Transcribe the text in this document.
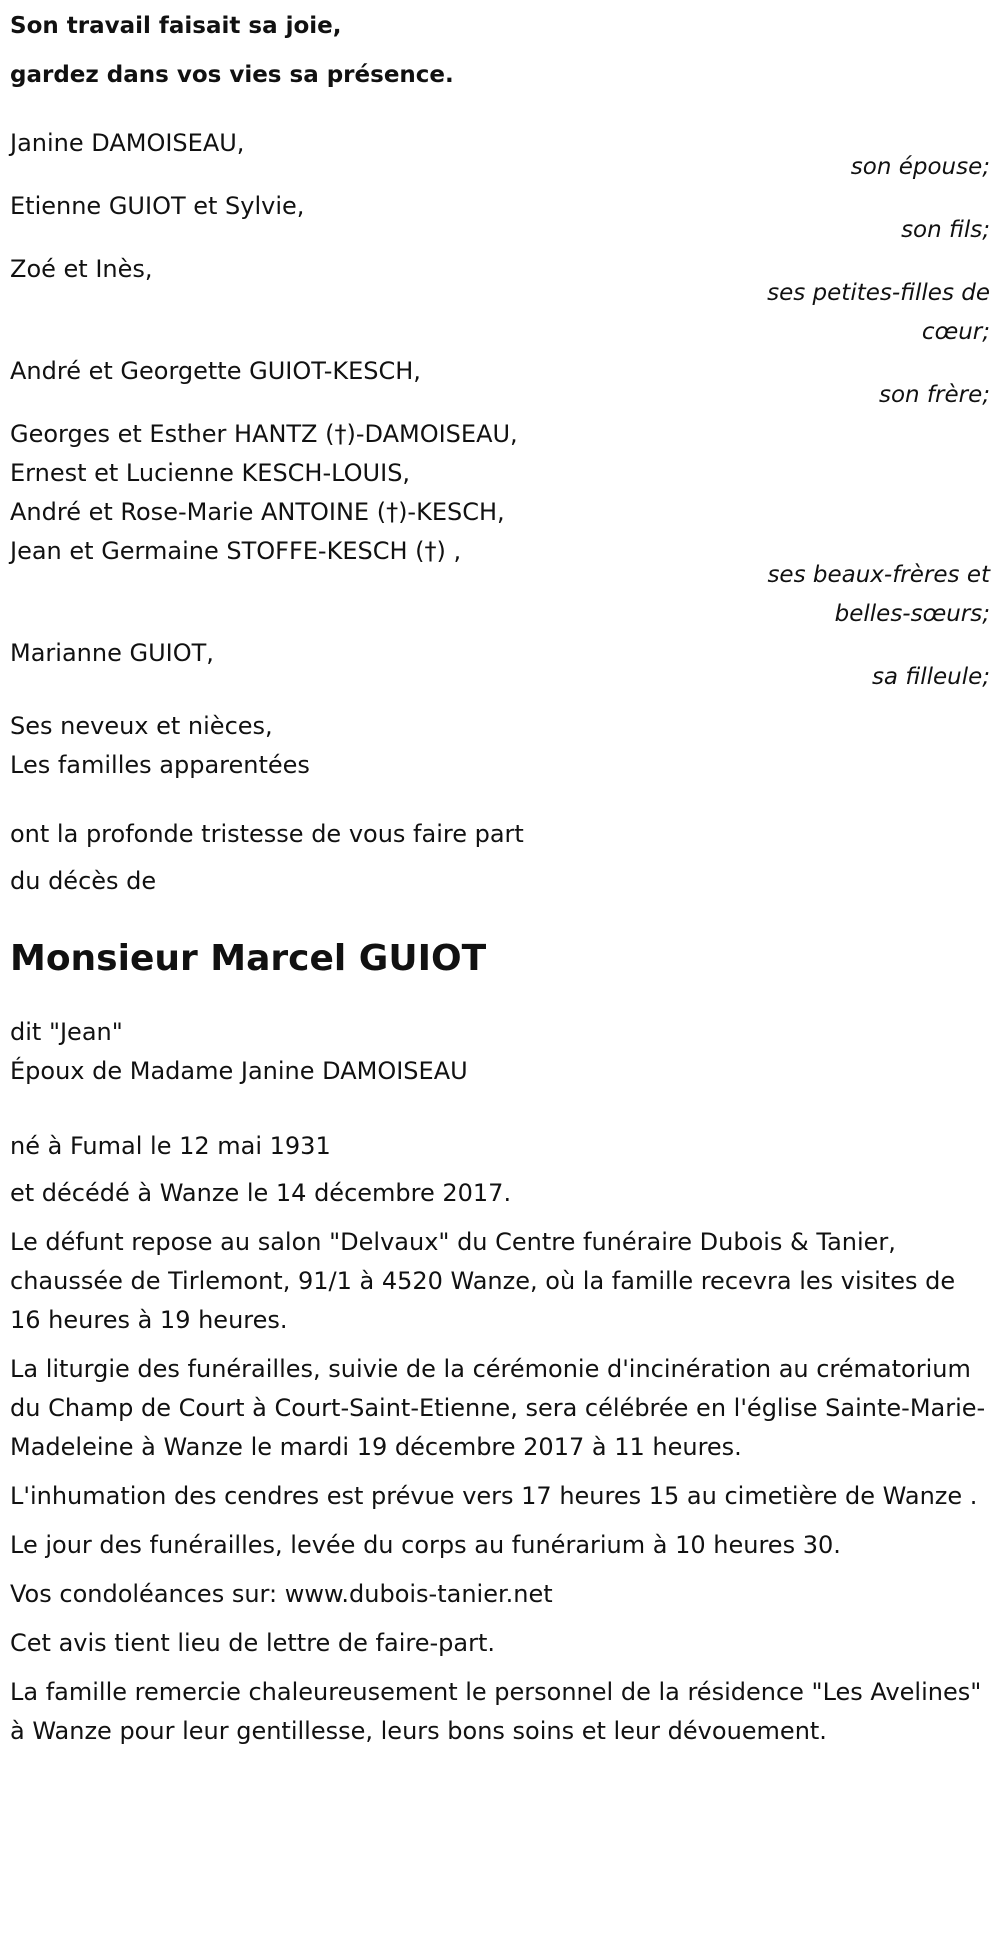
Son travail faisait sa joie,

gardez dans vos vies sa présence.

Janine DAMOISEAU,
son épouse;
Etienne GUIOT et Sylvie,
son fils;
Zoé et Inès,
ses petites-filles de
cœur;
André et Georgette GUIOT-KESCH,
son frère;
Georges et Esther HANTZ (†)-DAMOISEAU,
Ernest et Lucienne KESCH-LOUIS,
André et Rose-Marie ANTOINE (†)-KESCH,
Jean et Germaine STOFFE-KESCH (†) ,
ses beaux-frères et
belles-sœurs;
Marianne GUIOT,
sa filleule;
Ses neveux et nièces,
Les familles apparentées

ont la profonde tristesse de vous faire part

du décès de

Monsieur Marcel GUIOT

dit "Jean"

Époux de Madame Janine DAMOISEAU

né à Fumal le 12 mai 1931

et décédé à Wanze le 14 décembre 2017.

Le défunt repose au salon "Delvaux" du Centre funéraire Dubois & Tanier, chaussée de Tirlemont, 91/1 à 4520 Wanze, où la famille recevra les visites de 16 heures à 19 heures.

La liturgie des funérailles, suivie de la cérémonie d'incinération au crématorium du Champ de Court à Court-Saint-Etienne, sera célébrée en l'église Sainte-Marie-Madeleine à Wanze le mardi 19 décembre 2017 à 11 heures.

L'inhumation des cendres est prévue vers 17 heures 15 au cimetière de Wanze .

Le jour des funérailles, levée du corps au funérarium à 10 heures 30.

Vos condoléances sur: www.dubois-tanier.net

Cet avis tient lieu de lettre de faire-part.

La famille remercie chaleureusement le personnel de la résidence "Les Avelines" à Wanze pour leur gentillesse, leurs bons soins et leur dévouement.
